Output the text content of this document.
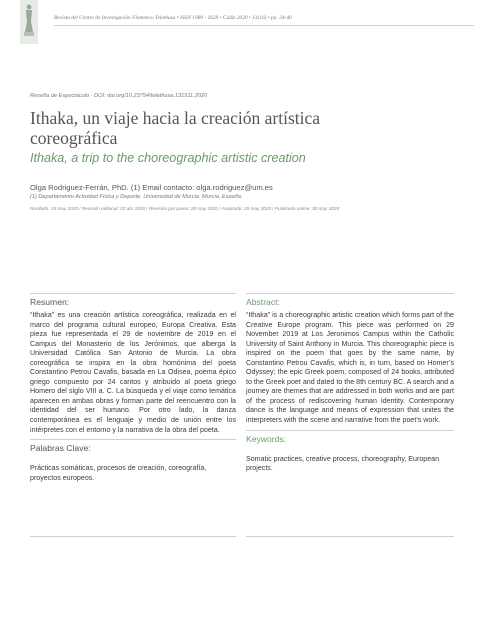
Revista del Centro de Investigación Flamenco Telethusa • ISSN 1989 - 1628 • Cádiz 2020 • 13(16) • pp. 34-40
Reseña de Espectáculo · DOI: doi.org/10.23754/telethusa.131511.2020
Ithaka, un viaje hacia la creación artística
coreográfica
Ithaka, a trip to the choreographic artistic creation
Olga Rodriguez-Ferrán, PhD. (1) Email contacto: olga.rodriguez@um.es
(1) Departamento Actividad Física y Deporte. Universidad de Murcia. Murcia, España.
Recibido: 19 may 2020 / Revisión editorial: 20 abr 2020 / Revisión por pares: 28 may 2020 / Aceptado: 29 may 2020 / Publicado online: 30 may 2020
Resumen:

“Ithaka” es una creación artística coreográfica, realizada en el marco del programa cultural europeo, Europa Creativa. Esta pieza fue representada el 29 de noviembre de 2019 en el Campus del Monasterio de los Jerónimos, que alberga la Universidad Católica San Antonio de Murcia. La obra coreográfica se inspira en la obra homónima del poeta Constantino Petrou Cavafis, basada en La Odisea, poema épico griego compuesto por 24 cantos y atribuido al poeta griego Homero del siglo VIII a. C. La búsqueda y el viaje como temática aparecen en ambas obras y forman parte del reencuentro con la identidad del ser humano. Por otro lado, la danza contemporánea es el lenguaje y medio de unión entre los intérpretes con el entorno y la narrativa de la obra del poeta.

Palabras Clave:
Prácticas somáticas, procesos de creación, coreografía, proyectos europeos.
Abstract:

“Ithaka” is a choreographic artistic creation which forms part of the Creative Europe program. This piece was performed on 29 November 2019 at Los Jeronimos Campus within the Catholic University of Saint Anthony in Murcia. This choreographic piece is inspired on the poem that goes by the same name, by Constantino Petrou Cavafis, which is, in turn, based on Homer’s Odyssey; the epic Greek poem, composed of 24 books, attributed to the Greek poet and dated to the 8th century BC. A search and a journey are themes that are addressed in both works and are part of the process of rediscovering human identity. Contemporary dance is the language and means of expression that unites the interpreters with the scene and narrative from the poet’s work.

Keywords:
Somatic practices, creative process, choreography, European projects.
